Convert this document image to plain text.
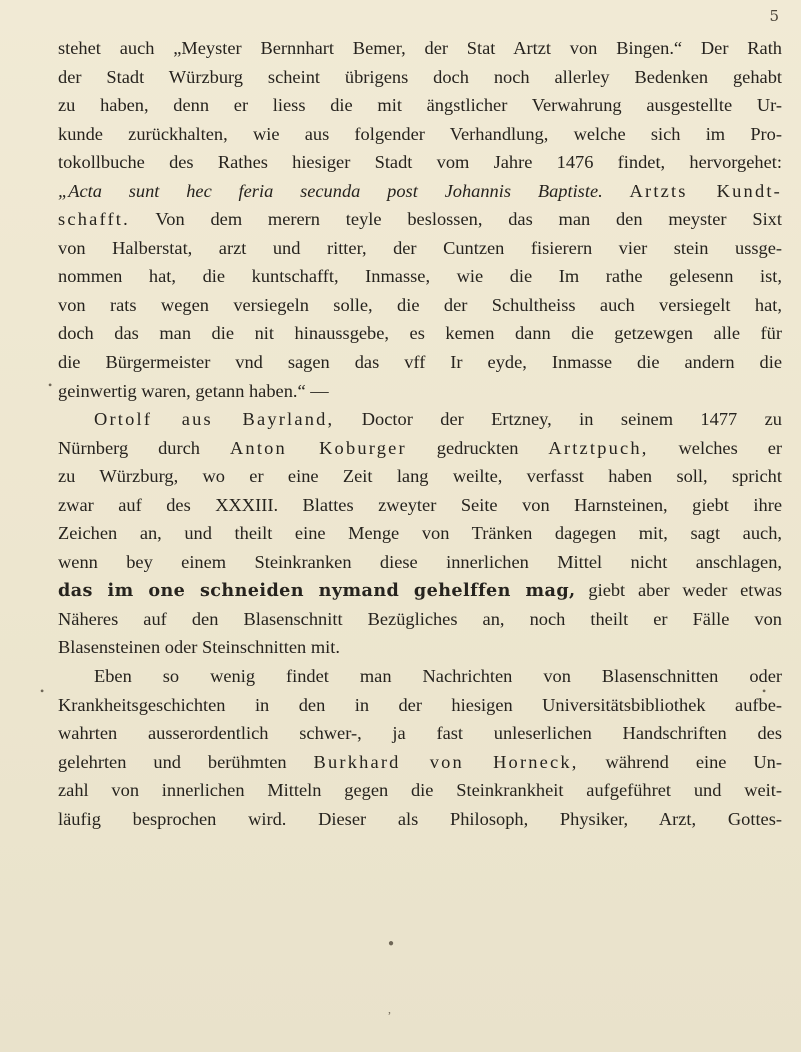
5
stehet auch „Meyster Bernnhart Bemer, der Stat Artzt von Bingen.“ Der Rath
der Stadt Würzburg scheint übrigens doch noch allerley Bedenken gehabt
zu haben, denn er liess die mit ängstlicher Verwahrung ausgestellte Ur-
kunde zurückhalten, wie aus folgender Verhandlung, welche sich im Pro-
tokollbuche des Rathes hiesiger Stadt vom Jahre 1476 findet, hervorgehet:
„Acta sunt hec feria secunda post Johannis Baptiste. Artzts Kundt-
schafft. Von dem merern teyle beslossen, das man den meyster Sixt
von Halberstat, arzt und ritter, der Cuntzen fisierern vier stein ussge-
nommen hat, die kuntschafft, Inmasse, wie die Im rathe gelesenn ist,
von rats wegen versiegeln solle, die der Schultheiss auch versiegelt hat,
doch das man die nit hinaussgebe, es kemen dann die getzewgen alle für
die Bürgermeister vnd sagen das vff Ir eyde, Inmasse die andern die
geinwertig waren, getann haben.“ —
Ortolf aus Bayrland, Doctor der Ertzney, in seinem 1477 zu
Nürnberg durch Anton Koburger gedruckten Artztpuch, welches er
zu Würzburg, wo er eine Zeit lang weilte, verfasst haben soll, spricht
zwar auf des XXXIII. Blattes zweyter Seite von Harnsteinen, giebt ihre
Zeichen an, und theilt eine Menge von Tränken dagegen mit, sagt auch,
wenn bey einem Steinkranken diese innerlichen Mittel nicht anschlagen,
das im one schneiden nymand gehelffen mag, giebt aber weder etwas
Näheres auf den Blasenschnitt Bezügliches an, noch theilt er Fälle von
Blasensteinen oder Steinschnitten mit.
Eben so wenig findet man Nachrichten von Blasenschnitten oder
Krankheitsgeschichten in den in der hiesigen Universitätsbibliothek aufbe-
wahrten ausserordentlich schwer-, ja fast unleserlichen Handschriften des
gelehrten und berühmten Burkhard von Horneck, während eine Un-
zahl von innerlichen Mitteln gegen die Steinkrankheit aufgeführet und weit-
läufig besprochen wird. Dieser als Philosoph, Physiker, Arzt, Gottes-
•
•	•
●
,
